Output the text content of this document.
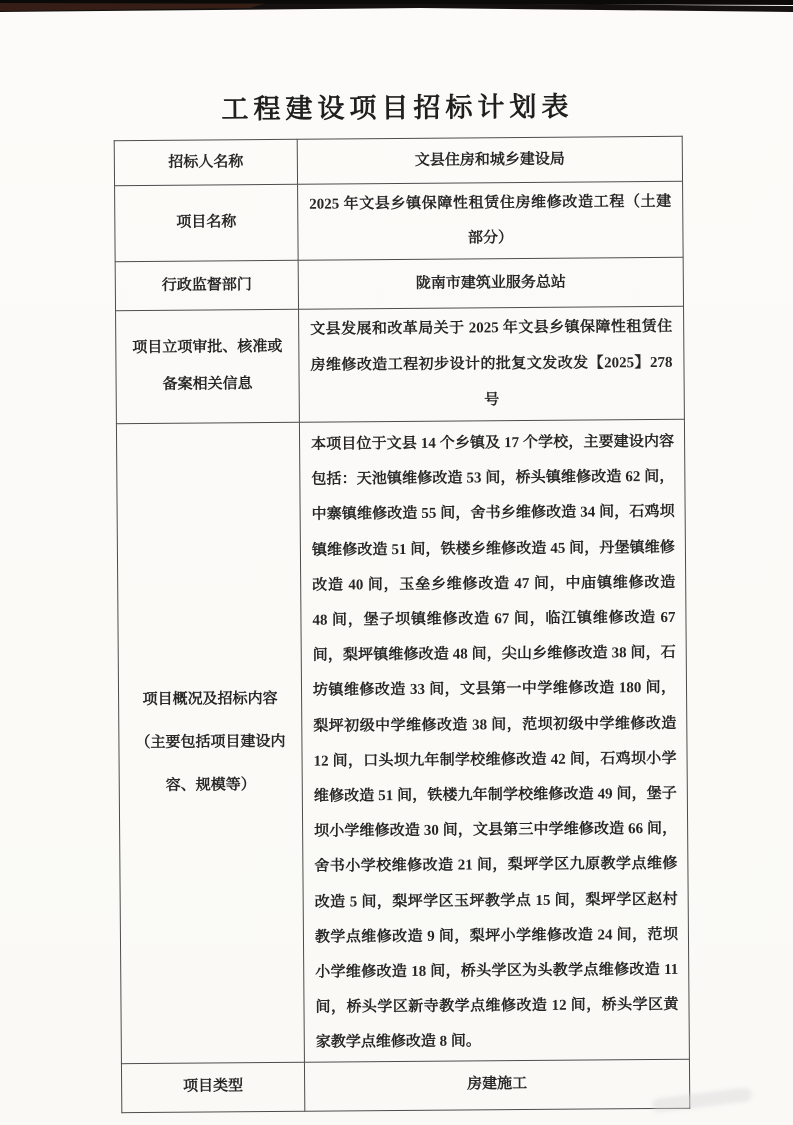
工程建设项目招标计划表
招标人名称	文县住房和城乡建设局
项目名称	2025 年文县乡镇保障性租赁住房维修改造工程（土建部分）
行政监督部门	陇南市建筑业服务总站
项目立项审批、核准或备案相关信息	文县发展和改革局关于 2025 年文县乡镇保障性租赁住房维修改造工程初步设计的批复文发改发【2025】278 号
项目概况及招标内容（主要包括项目建设内容、规模等）	本项目位于文县 14 个乡镇及 17 个学校，主要建设内容包括：天池镇维修改造 53 间，桥头镇维修改造 62 间，中寨镇维修改造 55 间，舍书乡维修改造 34 间，石鸡坝镇维修改造 51 间，铁楼乡维修改造 45 间，丹堡镇维修改造 40 间，玉垒乡维修改造 47 间，中庙镇维修改造 48 间，堡子坝镇维修改造 67 间，临江镇维修改造 67 间，梨坪镇维修改造 48 间，尖山乡维修改造 38 间，石坊镇维修改造 33 间，文县第一中学维修改造 180 间，梨坪初级中学维修改造 38 间，范坝初级中学维修改造 12 间，口头坝九年制学校维修改造 42 间，石鸡坝小学维修改造 51 间，铁楼九年制学校维修改造 49 间，堡子坝小学维修改造 30 间，文县第三中学维修改造 66 间，舍书小学校维修改造 21 间，梨坪学区九原教学点维修改造 5 间，梨坪学区玉坪教学点 15 间，梨坪学区赵村教学点维修改造 9 间，梨坪小学维修改造 24 间，范坝小学维修改造 18 间，桥头学区为头教学点维修改造 11 间，桥头学区新寺教学点维修改造 12 间，桥头学区黄家教学点维修改造 8 间。
项目类型	房建施工
